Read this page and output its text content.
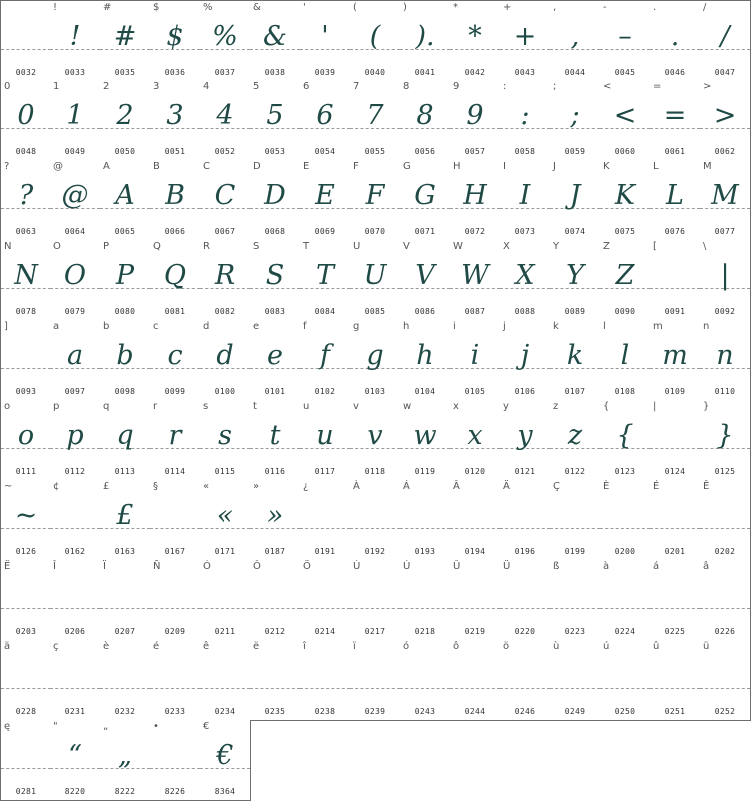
0032
!
!
0033
#
#
0035
$
$
0036
%
%
0037
&
&
0038
'
'
0039
(
(
0040
)
).
0041
*
*
0042
+
+
0043
,
,
0044
-
–
0045
.
.
0046
/
/
0047
0
0
0048
1
1
0049
2
2
0050
3
3
0051
4
4
0052
5
5
0053
6
6
0054
7
7
0055
8
8
0056
9
9
0057
:
:
0058
;
;
0059
<
<
0060
=
=
0061
>
>
0062
?
?
0063
@
@
0064
A
A
0065
B
B
0066
C
C
0067
D
D
0068
E
E
0069
F
F
0070
G
G
0071
H
H
0072
I
I
0073
J
J
0074
K
K
0075
L
L
0076
M
M
0077
N
N
0078
O
O
0079
P
P
0080
Q
Q
0081
R
R
0082
S
S
0083
T
T
0084
U
U
0085
V
V
0086
W
W
0087
X
X
0088
Y
Y
0089
Z
Z
0090
[
0091
\
|
0092
]
0093
a
a
0097
b
b
0098
c
c
0099
d
d
0100
e
e
0101
f
f
0102
g
g
0103
h
h
0104
i
i
0105
j
j
0106
k
k
0107
l
l
0108
m
m
0109
n
n
0110
o
o
0111
p
p
0112
q
q
0113
r
r
0114
s
s
0115
t
t
0116
u
u
0117
v
v
0118
w
w
0119
x
x
0120
y
y
0121
z
z
0122
{
{
0123
|
0124
}
}
0125
~
~
0126
¢
0162
£
£
0163
§
0167
«
«
0171
»
»
0187
¿
0191
À
0192
Á
0193
Â
0194
Ä
0196
Ç
0199
È
0200
É
0201
Ê
0202
Ë
0203
Î
0206
Ï
0207
Ñ
0209
Ó
0211
Ô
0212
Ö
0214
Ù
0217
Ú
0218
Û
0219
Ü
0220
ß
0223
à
0224
á
0225
â
0226
ä
0228
ç
0231
è
0232
é
0233
ê
0234
ë
0235
î
0238
ï
0239
ó
0243
ô
0244
ö
0246
ù
0249
ú
0250
û
0251
ü
0252
ę
0281
"
“
8220
„
„
8222
•
8226
€
€
8364
